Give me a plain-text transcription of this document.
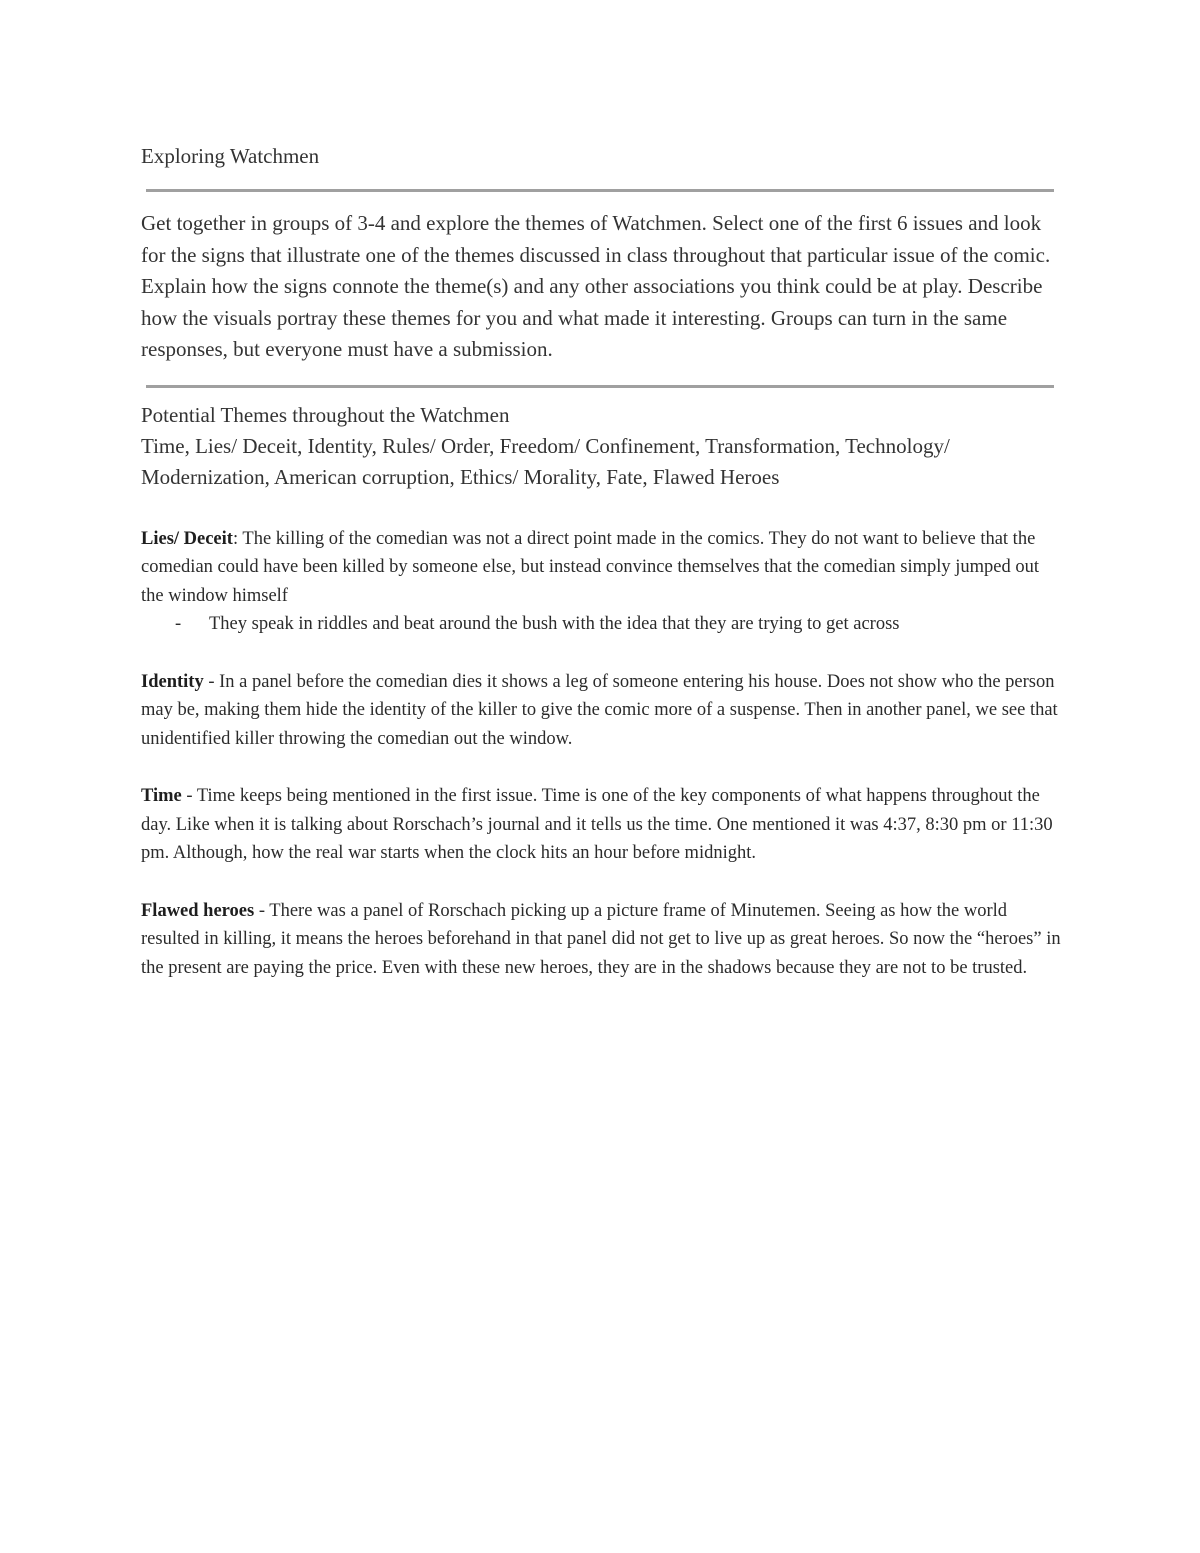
Exploring Watchmen

Get together in groups of 3-4 and explore the themes of Watchmen. Select one of the first 6 issues and look for the signs that illustrate one of the themes discussed in class throughout that particular issue of the comic. Explain how the signs connote the theme(s) and any other associations you think could be at play. Describe how the visuals portray these themes for you and what made it interesting. Groups can turn in the same responses, but everyone must have a submission.

Potential Themes throughout the Watchmen

Time, Lies/ Deceit, Identity, Rules/ Order, Freedom/ Confinement, Transformation, Technology/ Modernization, American corruption, Ethics/ Morality, Fate, Flawed Heroes

Lies/ Deceit: The killing of the comedian was not a direct point made in the comics. They do not want to believe that the comedian could have been killed by someone else, but instead convince themselves that the comedian simply jumped out the window himself

-	They speak in riddles and beat around the bush with the idea that they are trying to get across

Identity - In a panel before the comedian dies it shows a leg of someone entering his house. Does not show who the person may be, making them hide the identity of the killer to give the comic more of a suspense. Then in another panel, we see that unidentified killer throwing the comedian out the window.

Time - Time keeps being mentioned in the first issue. Time is one of the key components of what happens throughout the day. Like when it is talking about Rorschach’s journal and it tells us the time. One mentioned it was 4:37, 8:30 pm or 11:30 pm. Although, how the real war starts when the clock hits an hour before midnight.

Flawed heroes - There was a panel of Rorschach picking up a picture frame of Minutemen. Seeing as how the world resulted in killing, it means the heroes beforehand in that panel did not get to live up as great heroes. So now the “heroes” in the present are paying the price. Even with these new heroes, they are in the shadows because they are not to be trusted.
